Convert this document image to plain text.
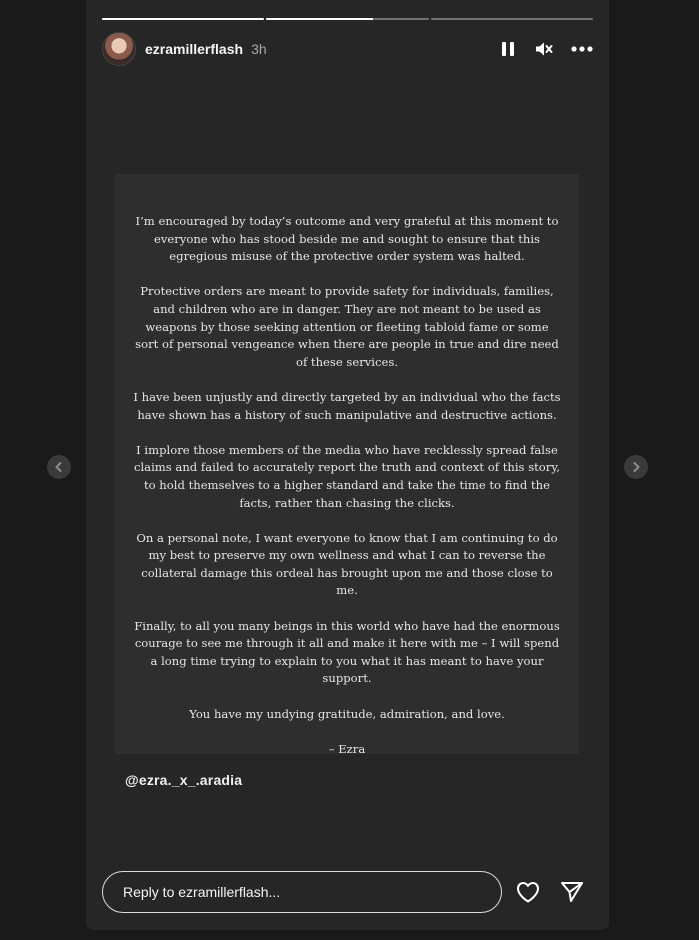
ezramillerflash 3h

I’m encouraged by today’s outcome and very grateful at this moment to everyone who has stood beside me and sought to ensure that this egregious misuse of the protective order system was halted.

Protective orders are meant to provide safety for individuals, families, and children who are in danger. They are not meant to be used as weapons by those seeking attention or fleeting tabloid fame or some sort of personal vengeance when there are people in true and dire need of these services.

I have been unjustly and directly targeted by an individual who the facts have shown has a history of such manipulative and destructive actions.

I implore those members of the media who have recklessly spread false claims and failed to accurately report the truth and context of this story, to hold themselves to a higher standard and take the time to find the facts, rather than chasing the clicks.

On a personal note, I want everyone to know that I am continuing to do my best to preserve my own wellness and what I can to reverse the collateral damage this ordeal has brought upon me and those close to me.

Finally, to all you many beings in this world who have had the enormous courage to see me through it all and make it here with me – I will spend a long time trying to explain to you what it has meant to have your support.

You have my undying gratitude, admiration, and love.

– Ezra

@ezra._x_.aradia
Reply to ezramillerflash...
